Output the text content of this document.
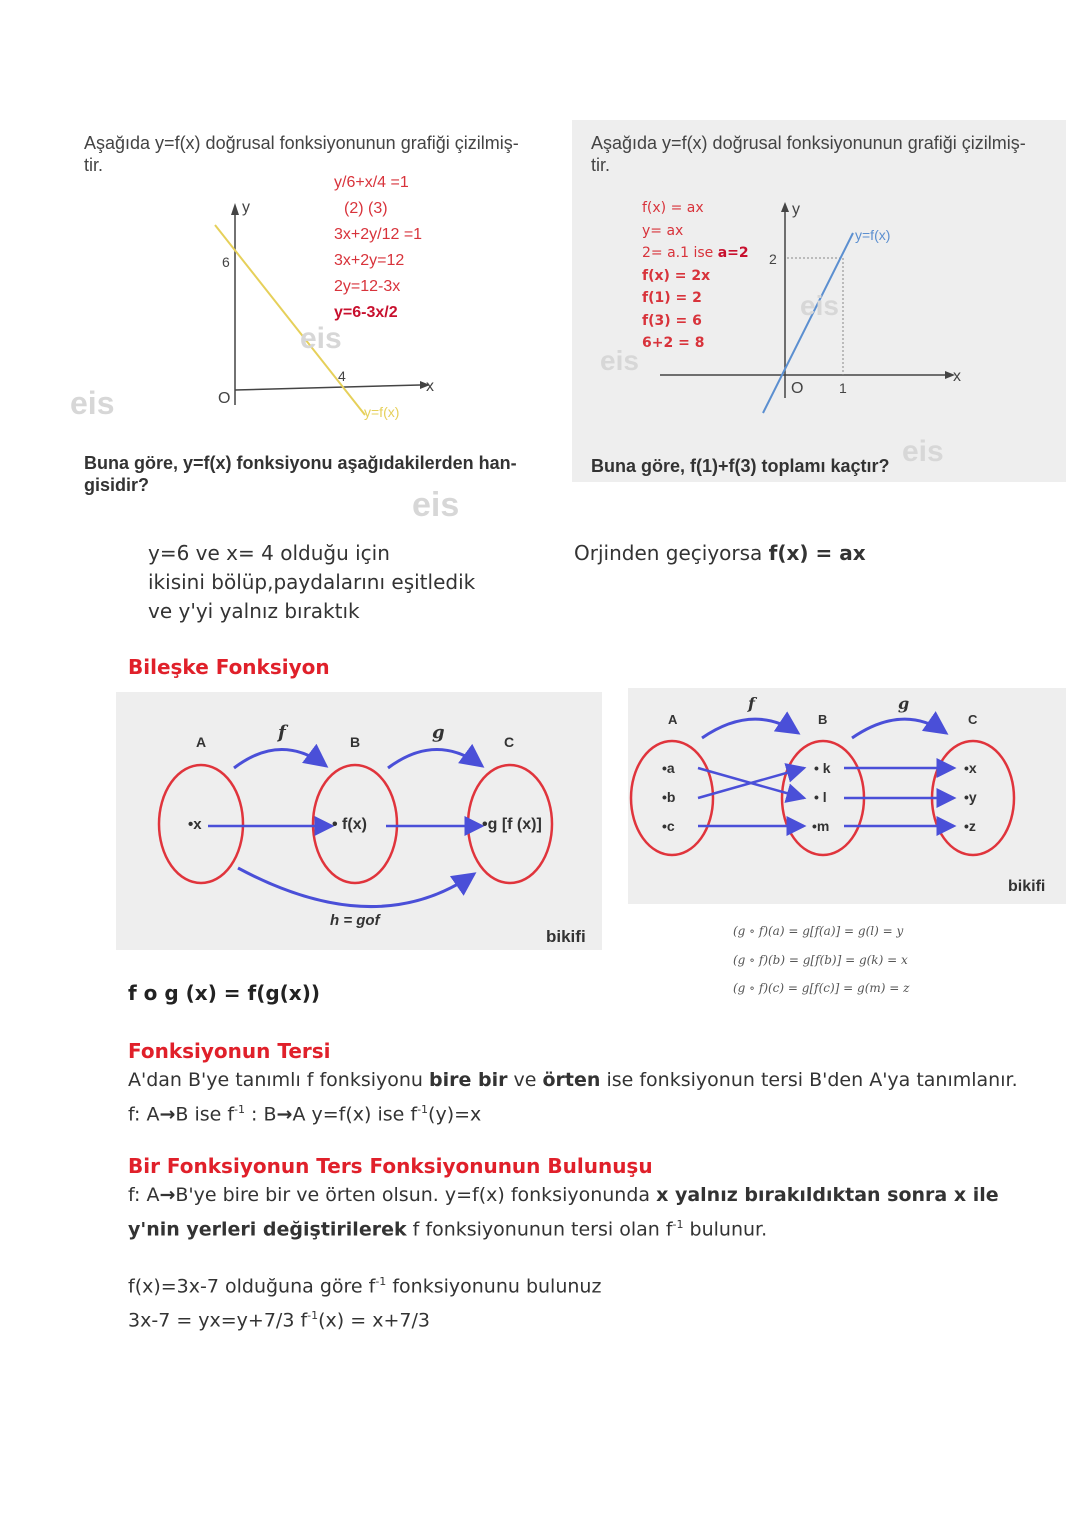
Aşağıda y=f(x) doğrusal fonksiyonunun grafiği çizilmiş-
tir.
y/6+x/4 =1
(2) (3)
3x+2y/12 =1
3x+2y=12
2y=12-3x
y=6-3x/2
y
x
O
6
4
y=f(x)
eis
eis
eis
Buna göre, y=f(x) fonksiyonu aşağıdakilerden han-
gisidir?
y=6 ve x= 4 olduğu için
ikisini bölüp,paydalarını eşitledik
ve y'yi yalnız bıraktık
Aşağıda y=f(x) doğrusal fonksiyonunun grafiği çizilmiş-
tir.
f(x) = ax
y= ax
2= a.1 ise a=2
f(x) = 2x
f(1) = 2
f(3) = 6
6+2 = 8
y
x
O
2
1
y=f(x)
eis
eis
eis
Buna göre, f(1)+f(3) toplamı kaçtır?
Orjinden geçiyorsa f(x) = ax
Bileşke Fonksiyon
A	B	C
f	g
•x	• f(x)	•g [f (x)]
h = gof
bikifi
A	B	C
f	g
•a
•b
•c
• k
• l
•m
•x
•y
•z
bikifi
(g ∘ f)(a) = g[f(a)] = g(l) = y
(g ∘ f)(b) = g[f(b)] = g(k) = x
(g ∘ f)(c) = g[f(c)] = g(m) = z
f o g (x) = f(g(x))
Fonksiyonun Tersi
A'dan B'ye tanımlı f fonksiyonu bire bir ve örten ise fonksiyonun tersi B'den A'ya tanımlanır.
f: A→B ise $f^{-1}$ : B→A y=f(x) ise $f^{-1}(y)=x$
Bir Fonksiyonun Ters Fonksiyonunun Bulunuşu
f: A→B'ye bire bir ve örten olsun. y=f(x) fonksiyonunda x yalnız bırakıldıktan sonra x ile
y'nin yerleri değiştirilerek f fonksiyonunun tersi olan $f^{-1}$ bulunur.
f(x)=3x-7 olduğuna göre $f^{-1}$ fonksiyonunu bulunuz
3x-7 = yx=y+7/3 $f^{-1}(x) = x+7/3$
